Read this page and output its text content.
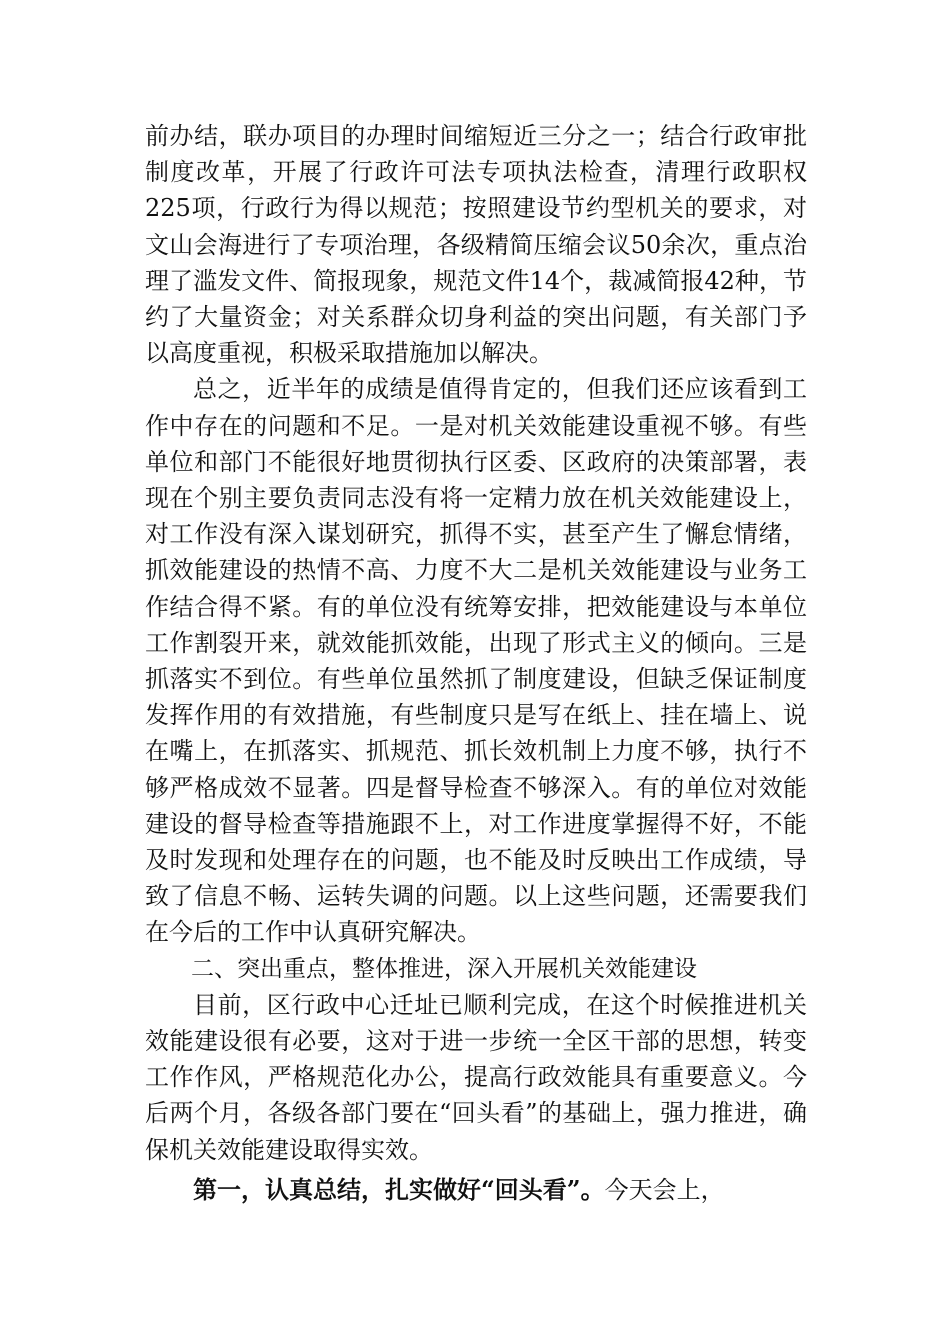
前办结，联办项目的办理时间缩短近三分之一；结合行政审批制度改革，开展了行政许可法专项执法检查，清理行政职权225项，行政行为得以规范；按照建设节约型机关的要求，对文山会海进行了专项治理，各级精简压缩会议50余次，重点治理了滥发文件、简报现象，规范文件14个，裁减简报42种，节约了大量资金；对关系群众切身利益的突出问题，有关部门予以高度重视，积极采取措施加以解决。

总之，近半年的成绩是值得肯定的，但我们还应该看到工作中存在的问题和不足。一是对机关效能建设重视不够。有些单位和部门不能很好地贯彻执行区委、区政府的决策部署，表现在个别主要负责同志没有将一定精力放在机关效能建设上，对工作没有深入谋划研究，抓得不实，甚至产生了懈怠情绪，抓效能建设的热情不高、力度不大二是机关效能建设与业务工作结合得不紧。有的单位没有统筹安排，把效能建设与本单位工作割裂开来，就效能抓效能，出现了形式主义的倾向。三是抓落实不到位。有些单位虽然抓了制度建设，但缺乏保证制度发挥作用的有效措施，有些制度只是写在纸上、挂在墙上、说在嘴上，在抓落实、抓规范、抓长效机制上力度不够，执行不够严格成效不显著。四是督导检查不够深入。有的单位对效能建设的督导检查等措施跟不上，对工作进度掌握得不好，不能及时发现和处理存在的问题，也不能及时反映出工作成绩，导致了信息不畅、运转失调的问题。以上这些问题，还需要我们在今后的工作中认真研究解决。

二、突出重点，整体推进，深入开展机关效能建设

目前，区行政中心迁址已顺利完成，在这个时候推进机关效能建设很有必要，这对于进一步统一全区干部的思想，转变工作作风，严格规范化办公，提高行政效能具有重要意义。今后两个月，各级各部门要在“回头看”的基础上，强力推进，确保机关效能建设取得实效。

第一，认真总结，扎实做好“回头看”。今天会上，
